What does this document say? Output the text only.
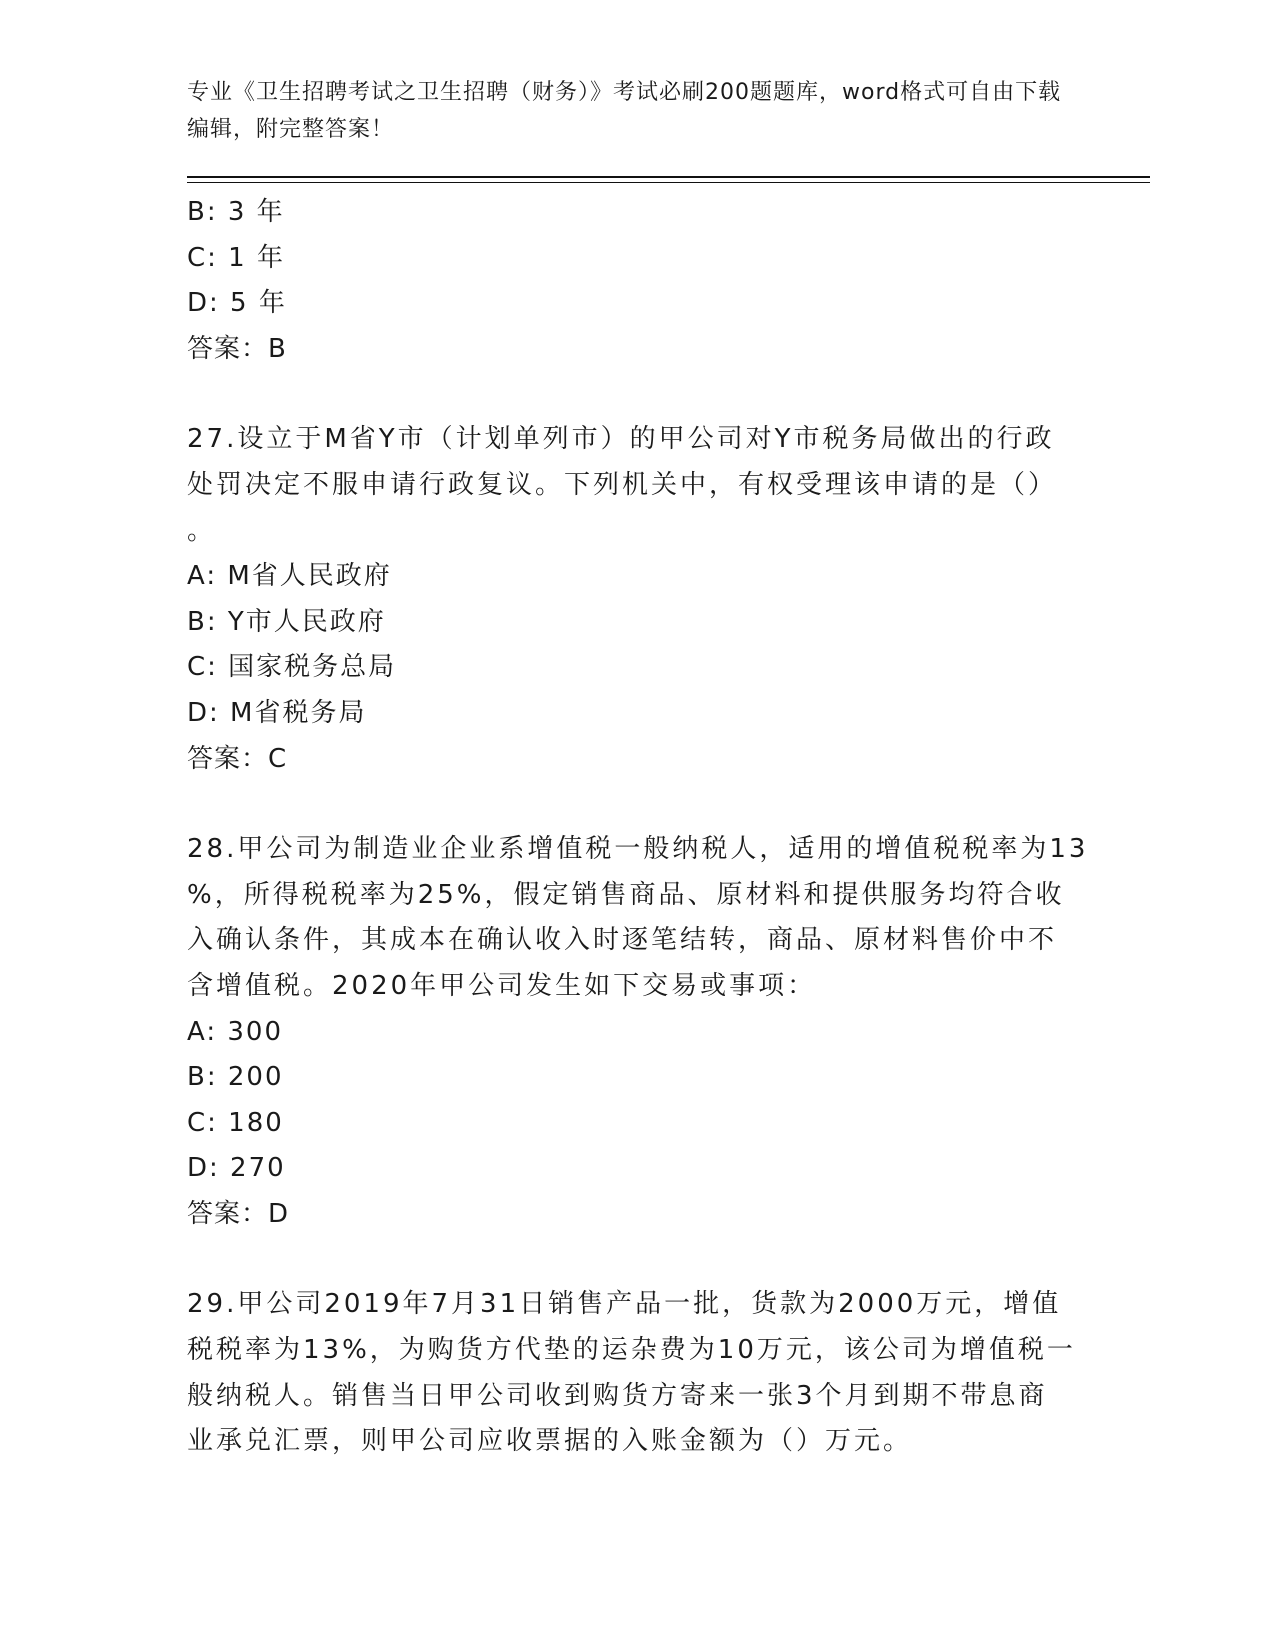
专业《卫生招聘考试之卫生招聘（财务）》考试必刷200题题库，word格式可自由下载编辑，附完整答案！
B: 3 年
C: 1 年
D: 5 年
答案：B
27.设立于M省Y市（计划单列市）的甲公司对Y市税务局做出的行政
处罚决定不服申请行政复议。下列机关中，有权受理该申请的是（）
。
A: M省人民政府
B: Y市人民政府
C: 国家税务总局
D: M省税务局
答案：C
28.甲公司为制造业企业系增值税一般纳税人，适用的增值税税率为13
%，所得税税率为25%，假定销售商品、原材料和提供服务均符合收
入确认条件，其成本在确认收入时逐笔结转，商品、原材料售价中不
含增值税。2020年甲公司发生如下交易或事项：
A: 300
B: 200
C: 180
D: 270
答案：D
29.甲公司2019年7月31日销售产品一批，货款为2000万元，增值
税税率为13%，为购货方代垫的运杂费为10万元，该公司为增值税一
般纳税人。销售当日甲公司收到购货方寄来一张3个月到期不带息商
业承兑汇票，则甲公司应收票据的入账金额为（）万元。
